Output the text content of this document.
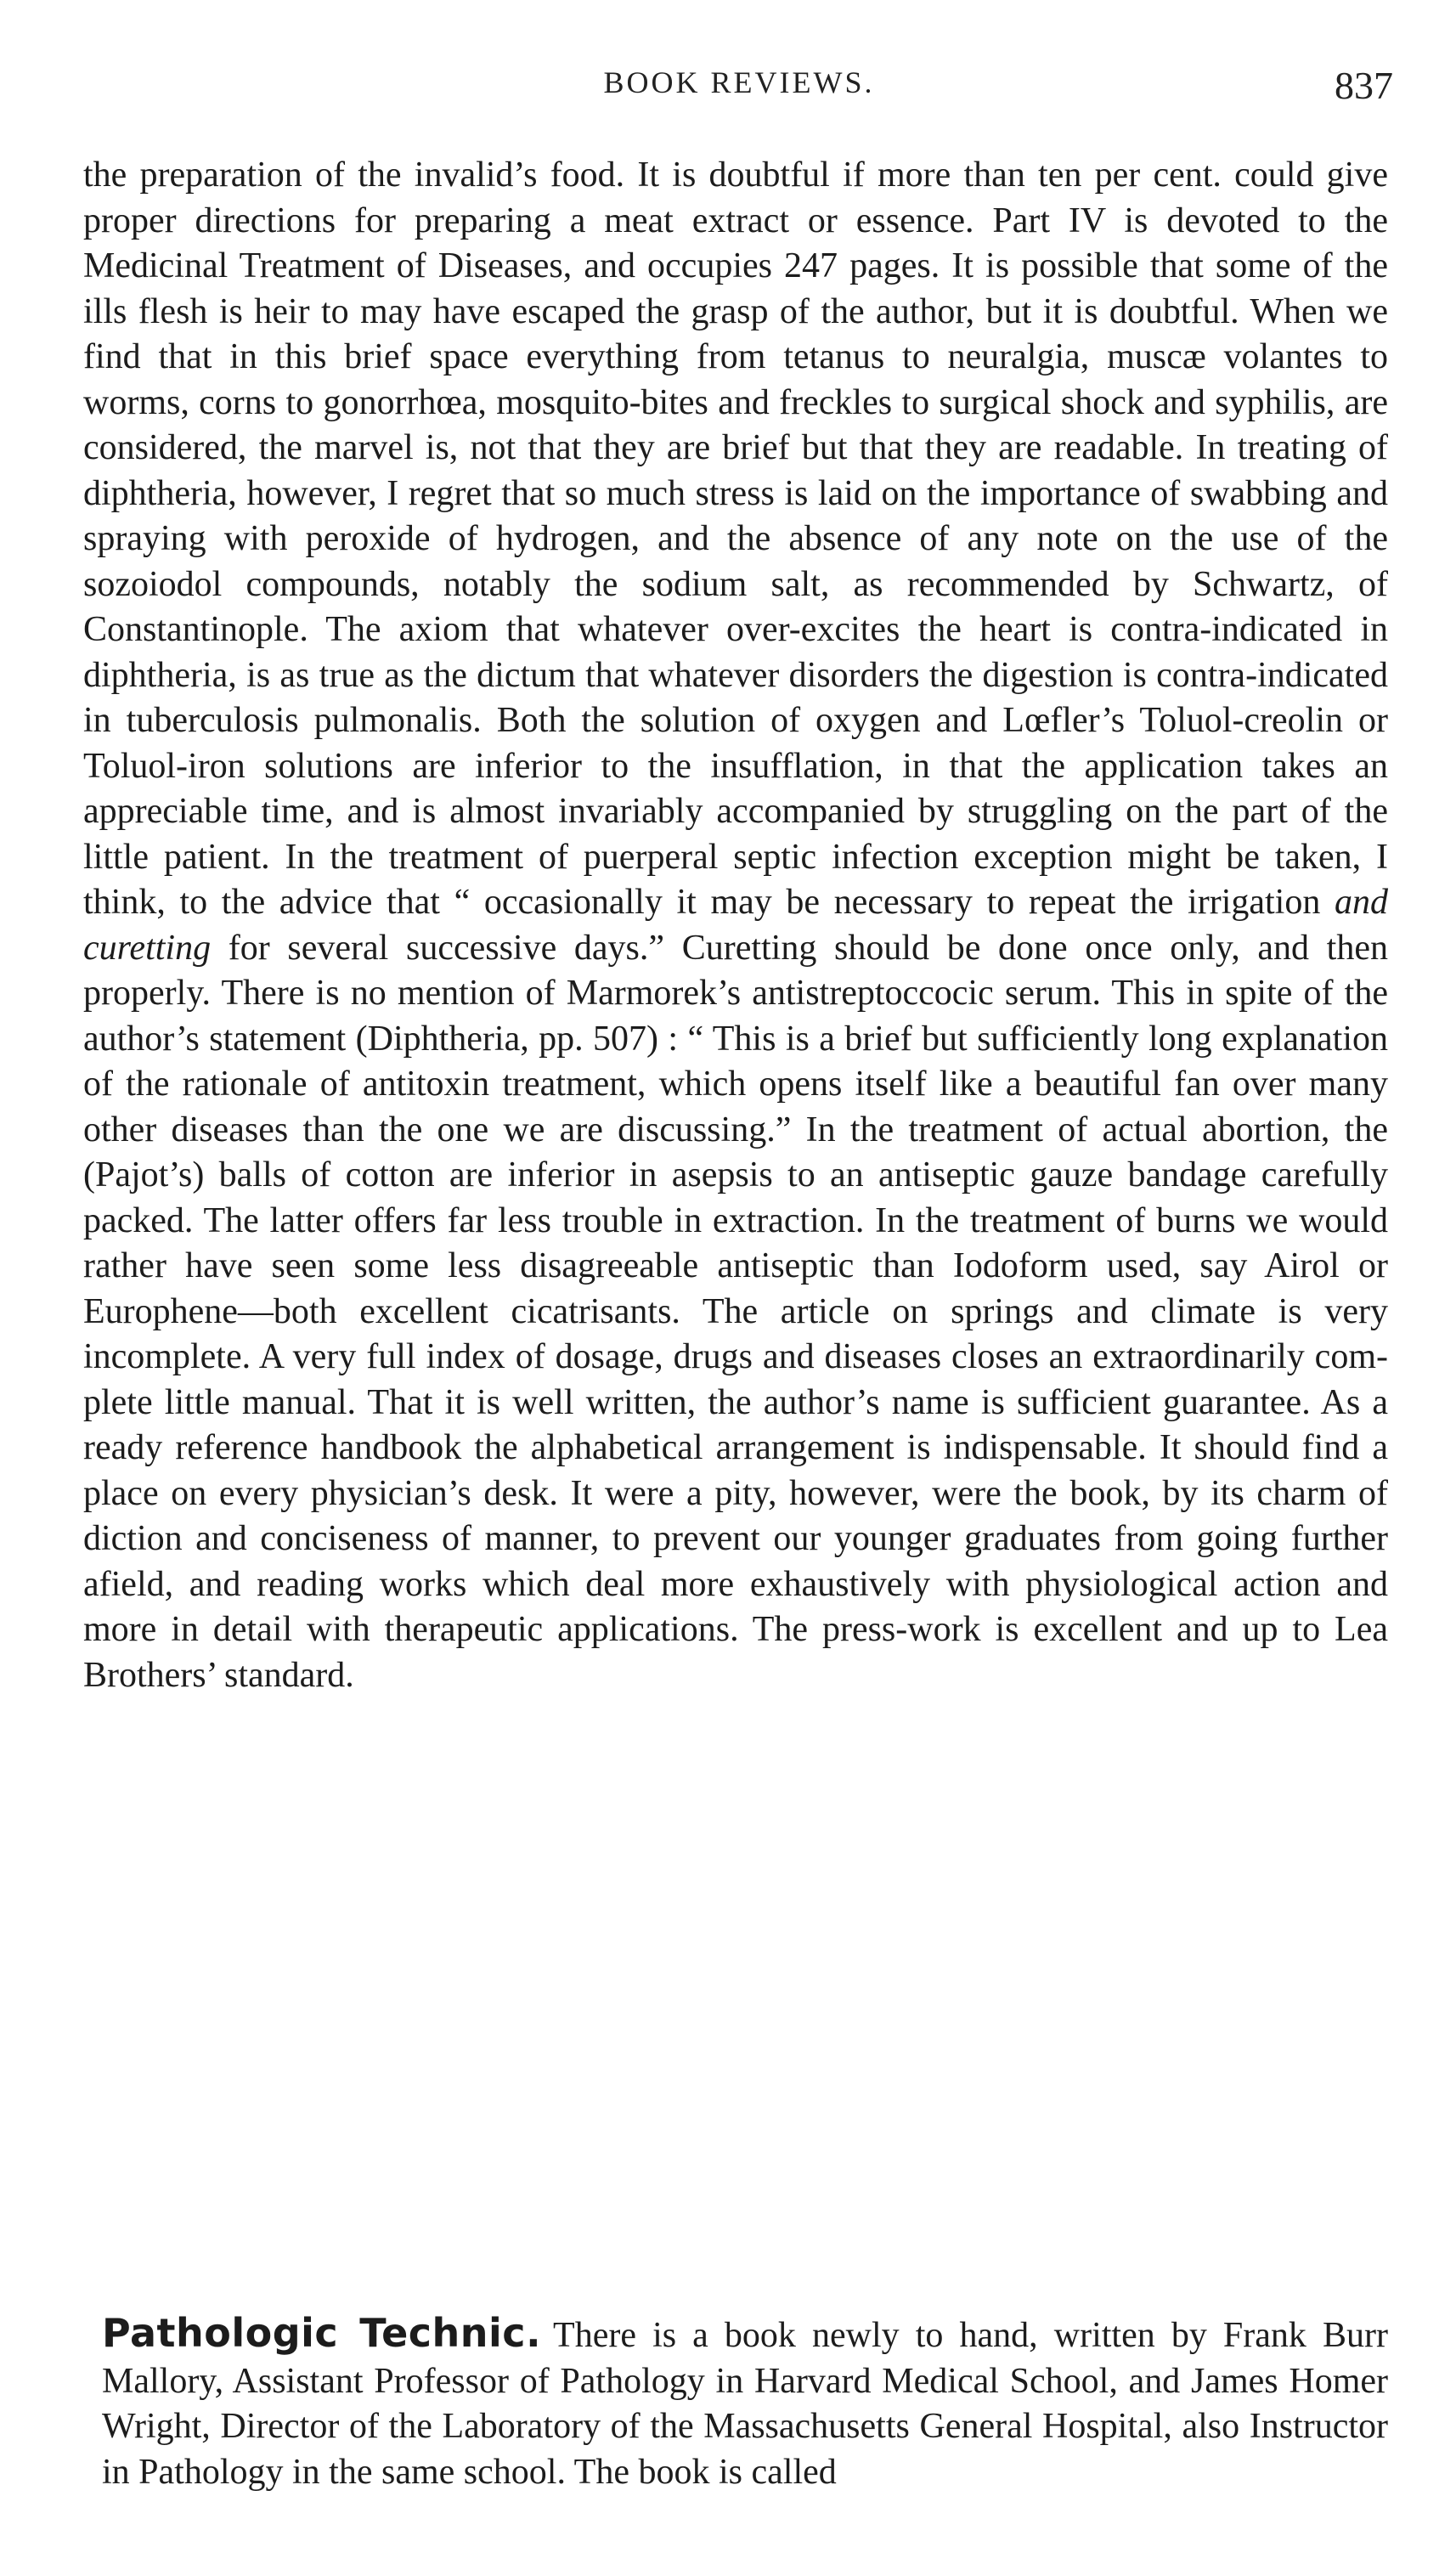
BOOK REVIEWS.	837

the preparation of the invalid’s food. It is doubtful if more than ten per cent. could give proper directions for preparing a meat extract or essence. Part IV is devoted to the Medicinal Treatment of Diseases, and occupies 247 pages. It is possible that some of the ills flesh is heir to may have escaped the grasp of the author, but it is doubtful. When we find that in this brief space everything from tetanus to neuralgia, muscæ volantes to worms, corns to gonorrhœa, mosquito-bites and freckles to surgical shock and syphilis, are considered, the marvel is, not that they are brief but that they are readable. In treating of diphtheria, however, I regret that so much stress is laid on the importance of swabbing and spraying with peroxide of hydrogen, and the absence of any note on the use of the sozoiodol compounds, notably the sodium salt, as recommended by Schwartz, of Constantinople. The axiom that whatever over-excites the heart is contra-indicated in diphtheria, is as true as the dictum that whatever disorders the digestion is contra-indicated in tuberculosis pulmonalis. Both the solution of oxygen and Lœfler’s Toluol-creolin or Toluol-iron solutions are inferior to the insufflation, in that the application takes an appreciable time, and is almost invariably accompanied by struggling on the part of the little patient. In the treatment of puerperal septic infection exception might be taken, I think, to the advice that “ occasionally it may be necessary to repeat the irrigation and curetting for several successive days.” Curetting should be done once only, and then properly. There is no mention of Marmorek’s antistreptoccocic serum. This in spite of the author’s statement (Diphtheria, pp. 507) : “ This is a brief but sufficiently long explanation of the rationale of antitoxin treatment, which opens itself like a beautiful fan over many other diseases than the one we are discussing.” In the treatment of actual abortion, the (Pajot’s) balls of cotton are inferior in asepsis to an antiseptic gauze bandage carefully packed. The latter offers far less trouble in extraction. In the treatment of burns we would rather have seen some less disagreeable antiseptic than Iodoform used, say Airol or Europhene—both excellent cicatrisants. The article on springs and climate is very incomplete. A very full index of dosage, drugs and diseases closes an extraordinarily complete little manual. That it is well written, the author’s name is sufficient guarantee. As a ready reference handbook the alphabetical arrangement is indispensable. It should find a place on every physician’s desk. It were a pity, however, were the book, by its charm of diction and conciseness of manner, to prevent our younger graduates from going further afield, and reading works which deal more exhaustively with physiological action and more in detail with therapeutic applications. The press-work is excellent and up to Lea Brothers’ standard.

Pathologic Technic. There is a book newly to hand, written by Frank Burr Mallory, Assistant Professor of Pathology in Harvard Medical School, and James Homer Wright, Director of the Laboratory of the Massachusetts General Hospital, also Instructor in Pathology in the same school. The book is called
